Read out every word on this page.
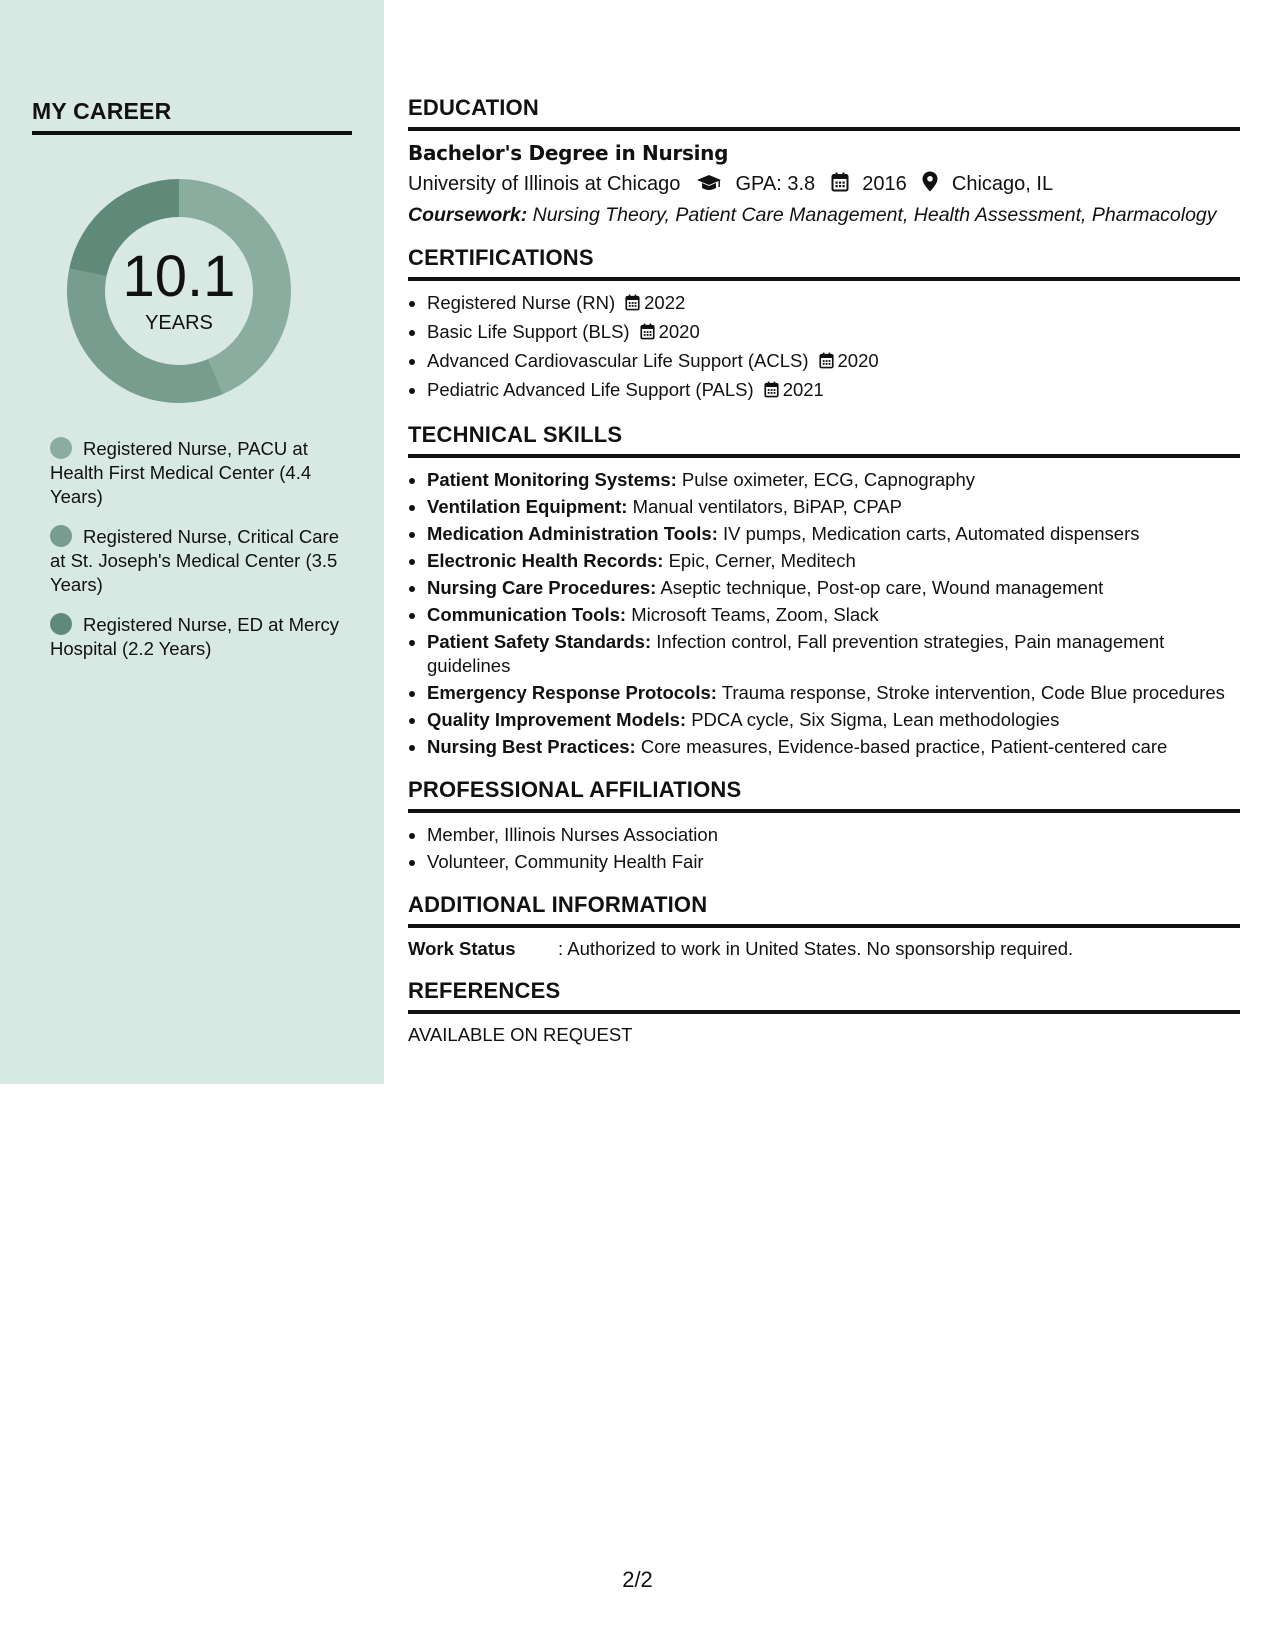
MY CAREER
10.1
YEARS
Registered Nurse, PACU at Health First Medical Center (4.4 Years)
Registered Nurse, Critical Care at St. Joseph's Medical Center (3.5 Years)
Registered Nurse, ED at Mercy Hospital (2.2 Years)
EDUCATION
Bachelor's Degree in Nursing
University of Illinois at Chicago	GPA: 3.8 2016 Chicago, IL
Coursework: Nursing Theory, Patient Care Management, Health Assessment, Pharmacology
CERTIFICATIONS
• Registered Nurse (RN) 2022
• Basic Life Support (BLS) 2020
• Advanced Cardiovascular Life Support (ACLS) 2020
• Pediatric Advanced Life Support (PALS) 2021
TECHNICAL SKILLS
• Patient Monitoring Systems: Pulse oximeter, ECG, Capnography
• Ventilation Equipment: Manual ventilators, BiPAP, CPAP
• Medication Administration Tools: IV pumps, Medication carts, Automated dispensers
• Electronic Health Records: Epic, Cerner, Meditech
• Nursing Care Procedures: Aseptic technique, Post-op care, Wound management
• Communication Tools: Microsoft Teams, Zoom, Slack
• Patient Safety Standards: Infection control, Fall prevention strategies, Pain management guidelines
• Emergency Response Protocols: Trauma response, Stroke intervention, Code Blue procedures
• Quality Improvement Models: PDCA cycle, Six Sigma, Lean methodologies
• Nursing Best Practices: Core measures, Evidence-based practice, Patient-centered care
PROFESSIONAL AFFILIATIONS
• Member, Illinois Nurses Association
• Volunteer, Community Health Fair
ADDITIONAL INFORMATION
Work Status	: Authorized to work in United States. No sponsorship required.
REFERENCES
AVAILABLE ON REQUEST
2/2
